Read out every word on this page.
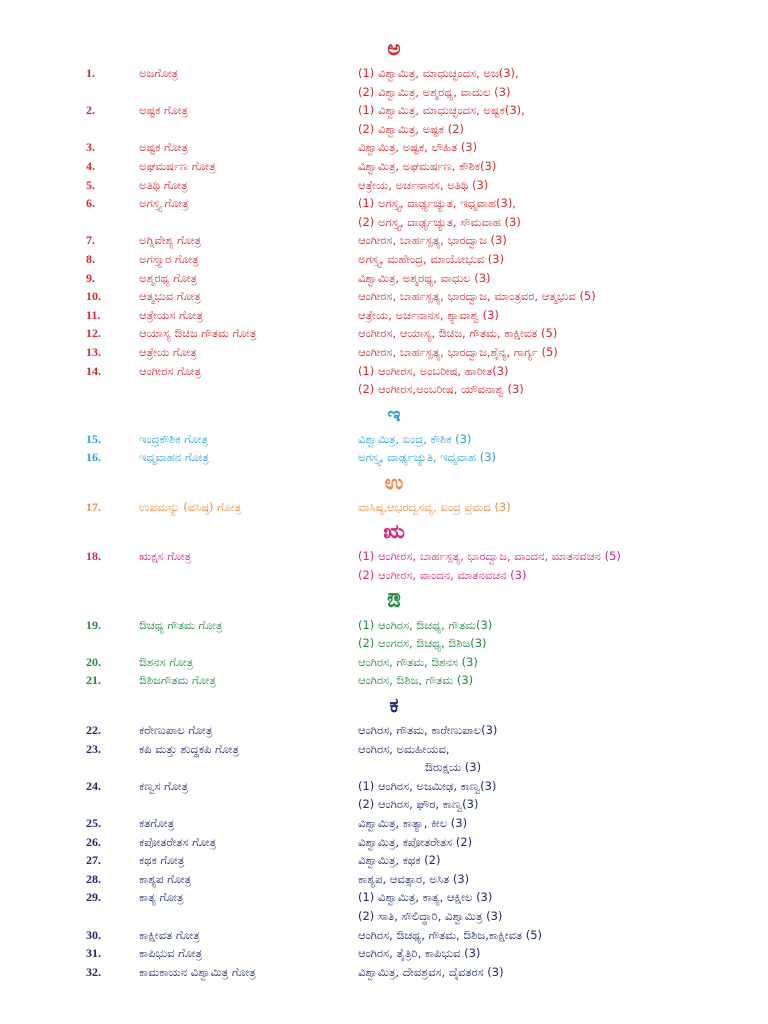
ಅ
1.	ಅಜಗೋತ್ರ	(1) ವಿಶ್ವಾಮಿತ್ರ, ಮಾಧುಚ್ಛಂದಸ, ಅಜ(3),
(2) ವಿಶ್ವಾಮಿತ್ರ, ಅಶ್ಮರಥ್ಯ, ವಾದುಲ (3)
2.	ಅಷ್ಟಕ ಗೋತ್ರ	(1) ವಿಶ್ವಾಮಿತ್ರ, ಮಾಧುಚ್ಛಂದಸ, ಅಷ್ಟಕ(3),
(2) ವಿಶ್ವಾಮಿತ್ರ, ಅಷ್ಟಕ (2)
3.	ಅಷ್ಟಕ ಗೋತ್ರ	ವಿಶ್ವಾಮಿತ್ರ, ಅಷ್ಟಕ, ಲೌಹಿತ (3)
4.	ಅಘಮರ್ಷಣ ಗೋತ್ರ	ವಿಶ್ವಾಮಿತ್ರ, ಅಘಮರ್ಷಣ, ಕೌಶಿಕ(3)
5.	ಅತಿಥಿ ಗೋತ್ರ	ಆತ್ರೇಯ, ಅರ್ಚನಾನಸ, ಅತಿಥಿ (3)
6.	ಅಗಸ್ತ್ಯ ಗೋತ್ರ	(1) ಅಗಸ್ತ್ಯ, ದಾರ್ಢ್ಯಚ್ಯುತ, ಇಧ್ಮವಾಹ(3),
(2) ಅಗಸ್ತ್ಯ, ದಾರ್ಢ್ಯಚ್ಯುತ, ಸೌಮವಾಹ (3)
7.	ಅಗ್ನಿವೇಶ್ಯ ಗೋತ್ರ	ಆಂಗೀರಸ, ಬಾರ್ಹಸ್ಪತ್ಯ, ಭಾರದ್ವಾಜ (3)
8.	ಅಗಸ್ತ್ಯಾರ ಗೋತ್ರ	ಅಗಸ್ತ್ಯ, ಮಹೇಂದ್ರ, ಮಾಯೋಭುವ (3)
9.	ಅಶ್ಮರಥ್ಯ ಗೋತ್ರ	ವಿಶ್ವಾಮಿತ್ರ, ಅಶ್ಮರಥ್ಯ, ವಾಧುಲ (3)
10.	ಆತ್ಮಭುವ ಗೋತ್ರ	ಆಂಗೀರಸ, ಬಾರ್ಹಸ್ಪತ್ಯ, ಭಾರದ್ವಾಜ, ಮಾಂತ್ರವರ, ಆತ್ಮಭುವ (5)
11.	ಆತ್ರೇಯಸ ಗೋತ್ರ	ಆತ್ರೇಯ, ಅರ್ಚನಾನಸ, ಶ್ಯಾವಾಶ್ವ (3)
12.	ಆಯಾಸ್ಯ ಔಚಿಜ ಗೌತಮ ಗೋತ್ರ	ಆಂಗೀರಸ, ಆಯಾಸ್ಯ, ಔಚಿಜ, ಗೌತಮ, ಕಾಕ್ಷೀವತ (5)
13.	ಆತ್ರೇಯ ಗೋತ್ರ	ಆಂಗೀರಸ, ಬಾರ್ಹಸ್ಪತ್ಯ, ಭಾರದ್ವಾಜ,ಶೈನ್ಯ, ಗಾರ್ಗ್ಯ (5)
14.	ಆಂಗೀರಸ ಗೋತ್ರ	(1) ಆಂಗೀರಸ, ಅಂಬರೀಷ, ಹಾರೀತ(3)
(2) ಆಂಗೀರಸ,ಅಂಬರೀಷ, ಯೌವನಾಶ್ವ (3)
ಇ
15.	ಇಂದ್ರಕೌಶಿಕ ಗೋತ್ರ	ವಿಶ್ವಾಮಿತ್ರ, ಐಂದ್ರ, ಕೌಶಿಕ (3)
16.	ಇಧ್ಮವಾಹನ ಗೋತ್ರ	ಅಗಸ್ತ್ಯ, ದಾರ್ಢ್ಯಚ್ಯುತಿ, ಇಧ್ಮವಾಹ (3)
ಉ
17.	ಉಪಮನ್ಯು (ವಸಿಷ್ಠ) ಗೋತ್ರ	ವಾಸಿಷ್ಠ,ಆಭರದ್ವಸವ್ಯ, ಐಂದ್ರ ಪ್ರಮದ (3)
ಋ
18.	ಋಕ್ಷಸ ಗೋತ್ರ	(1) ಆಂಗೀರಸ, ಬಾರ್ಹಸ್ಪತ್ಯ, ಭಾರದ್ವಾಜ, ವಾಂದನ, ಮಾತನವಚನ (5)
(2) ಆಂಗೀರಸ, ವಾಂದನ, ಮಾತನವಚನ (3)
ಔ
19.	ಔಚಥ್ಯ ಗೌತಮ ಗೋತ್ರ	(1) ಆಂಗಿರಸ, ಔಚಥ್ಯ, ಗೌತಮ(3)
(2) ಆಂಗರಸ, ಔಚಥ್ಯ, ಔಶಿಜ(3)
20.	ಔಶನಸ ಗೋತ್ರ	ಆಂಗಿರಸ, ಗೌತಮ, ಔಶನಸ (3)
21.	ಔಶಿಜಗೌತಮ ಗೋತ್ರ	ಆಂಗಿರಸ, ಔಶಿಜ, ಗೌತಮ (3)
ಕ
22.	ಕರೇಣುಪಾಲ ಗೋತ್ರ	ಆಂಗಿರಸ, ಗೌತಮ, ಕಾರೇಣುಪಾಲ(3)
23.	ಕಪಿ ಮತ್ತು ಶುದ್ಧಕಪಿ ಗೋತ್ರ	ಆಂಗಿರಸ, ಅಮಹೀಯವ,
ಔರುಕ್ಷಯ (3)
24.	ಕಣ್ವಸ ಗೋತ್ರ	(1) ಆಂಗಿರಸ, ಅಜಮೀಢ, ಕಾಣ್ವ(3)
(2) ಆಂಗಿರಸ, ಘೌರ, ಕಾಣ್ವ(3)
25.	ಕತಗೋತ್ರ	ವಿಶ್ವಾಮಿತ್ರ, ಕಾತ್ಯಾ, ಕೀಲ (3)
26.	ಕಪೋತರೇತಸ ಗೋತ್ರ	ವಿಶ್ವಾಮಿತ್ರ, ಕಪೋತರೇತಸ (2)
27.	ಕಥಕ ಗೋತ್ರ	ವಿಶ್ವಾಮಿತ್ರ, ಕಥಕ (2)
28.	ಕಾಶ್ಯಪ ಗೋತ್ರ	ಕಾಶ್ಯಪ, ಆವತ್ಸಾರ, ಅಸಿತ (3)
29.	ಕಾತ್ಯ ಗೋತ್ರ	(1) ವಿಶ್ವಾಮಿತ್ರ, ಕಾತ್ಯ, ಆಕ್ಷೀಲ (3)
(2) ಸಾತಿ, ಸೌಲಿದ್ಧಾರಿ, ವಿಶ್ವಾಮಿತ್ರ (3)
30.	ಕಾಕ್ಷೀವತ ಗೋತ್ರ	ಆಂಗಿರಸ, ಔಚಥ್ಯ, ಗೌತಮ, ಔಶಿಜ,ಕಾಕ್ಷೀವತ (5)
31.	ಕಾಪಿಭುವ ಗೋತ್ರ	ಆಂಗಿರಸ, ತೈತ್ರಿರಿ, ಕಾಪಿಭುವ (3)
32.	ಕಾಮಕಾಯನ ವಿಶ್ವಾಮಿತ್ರ ಗೋತ್ರ	ವಿಶ್ವಾಮಿತ್ರ, ದೇವಶ್ರವಸ, ದೈವತರಸ (3)
